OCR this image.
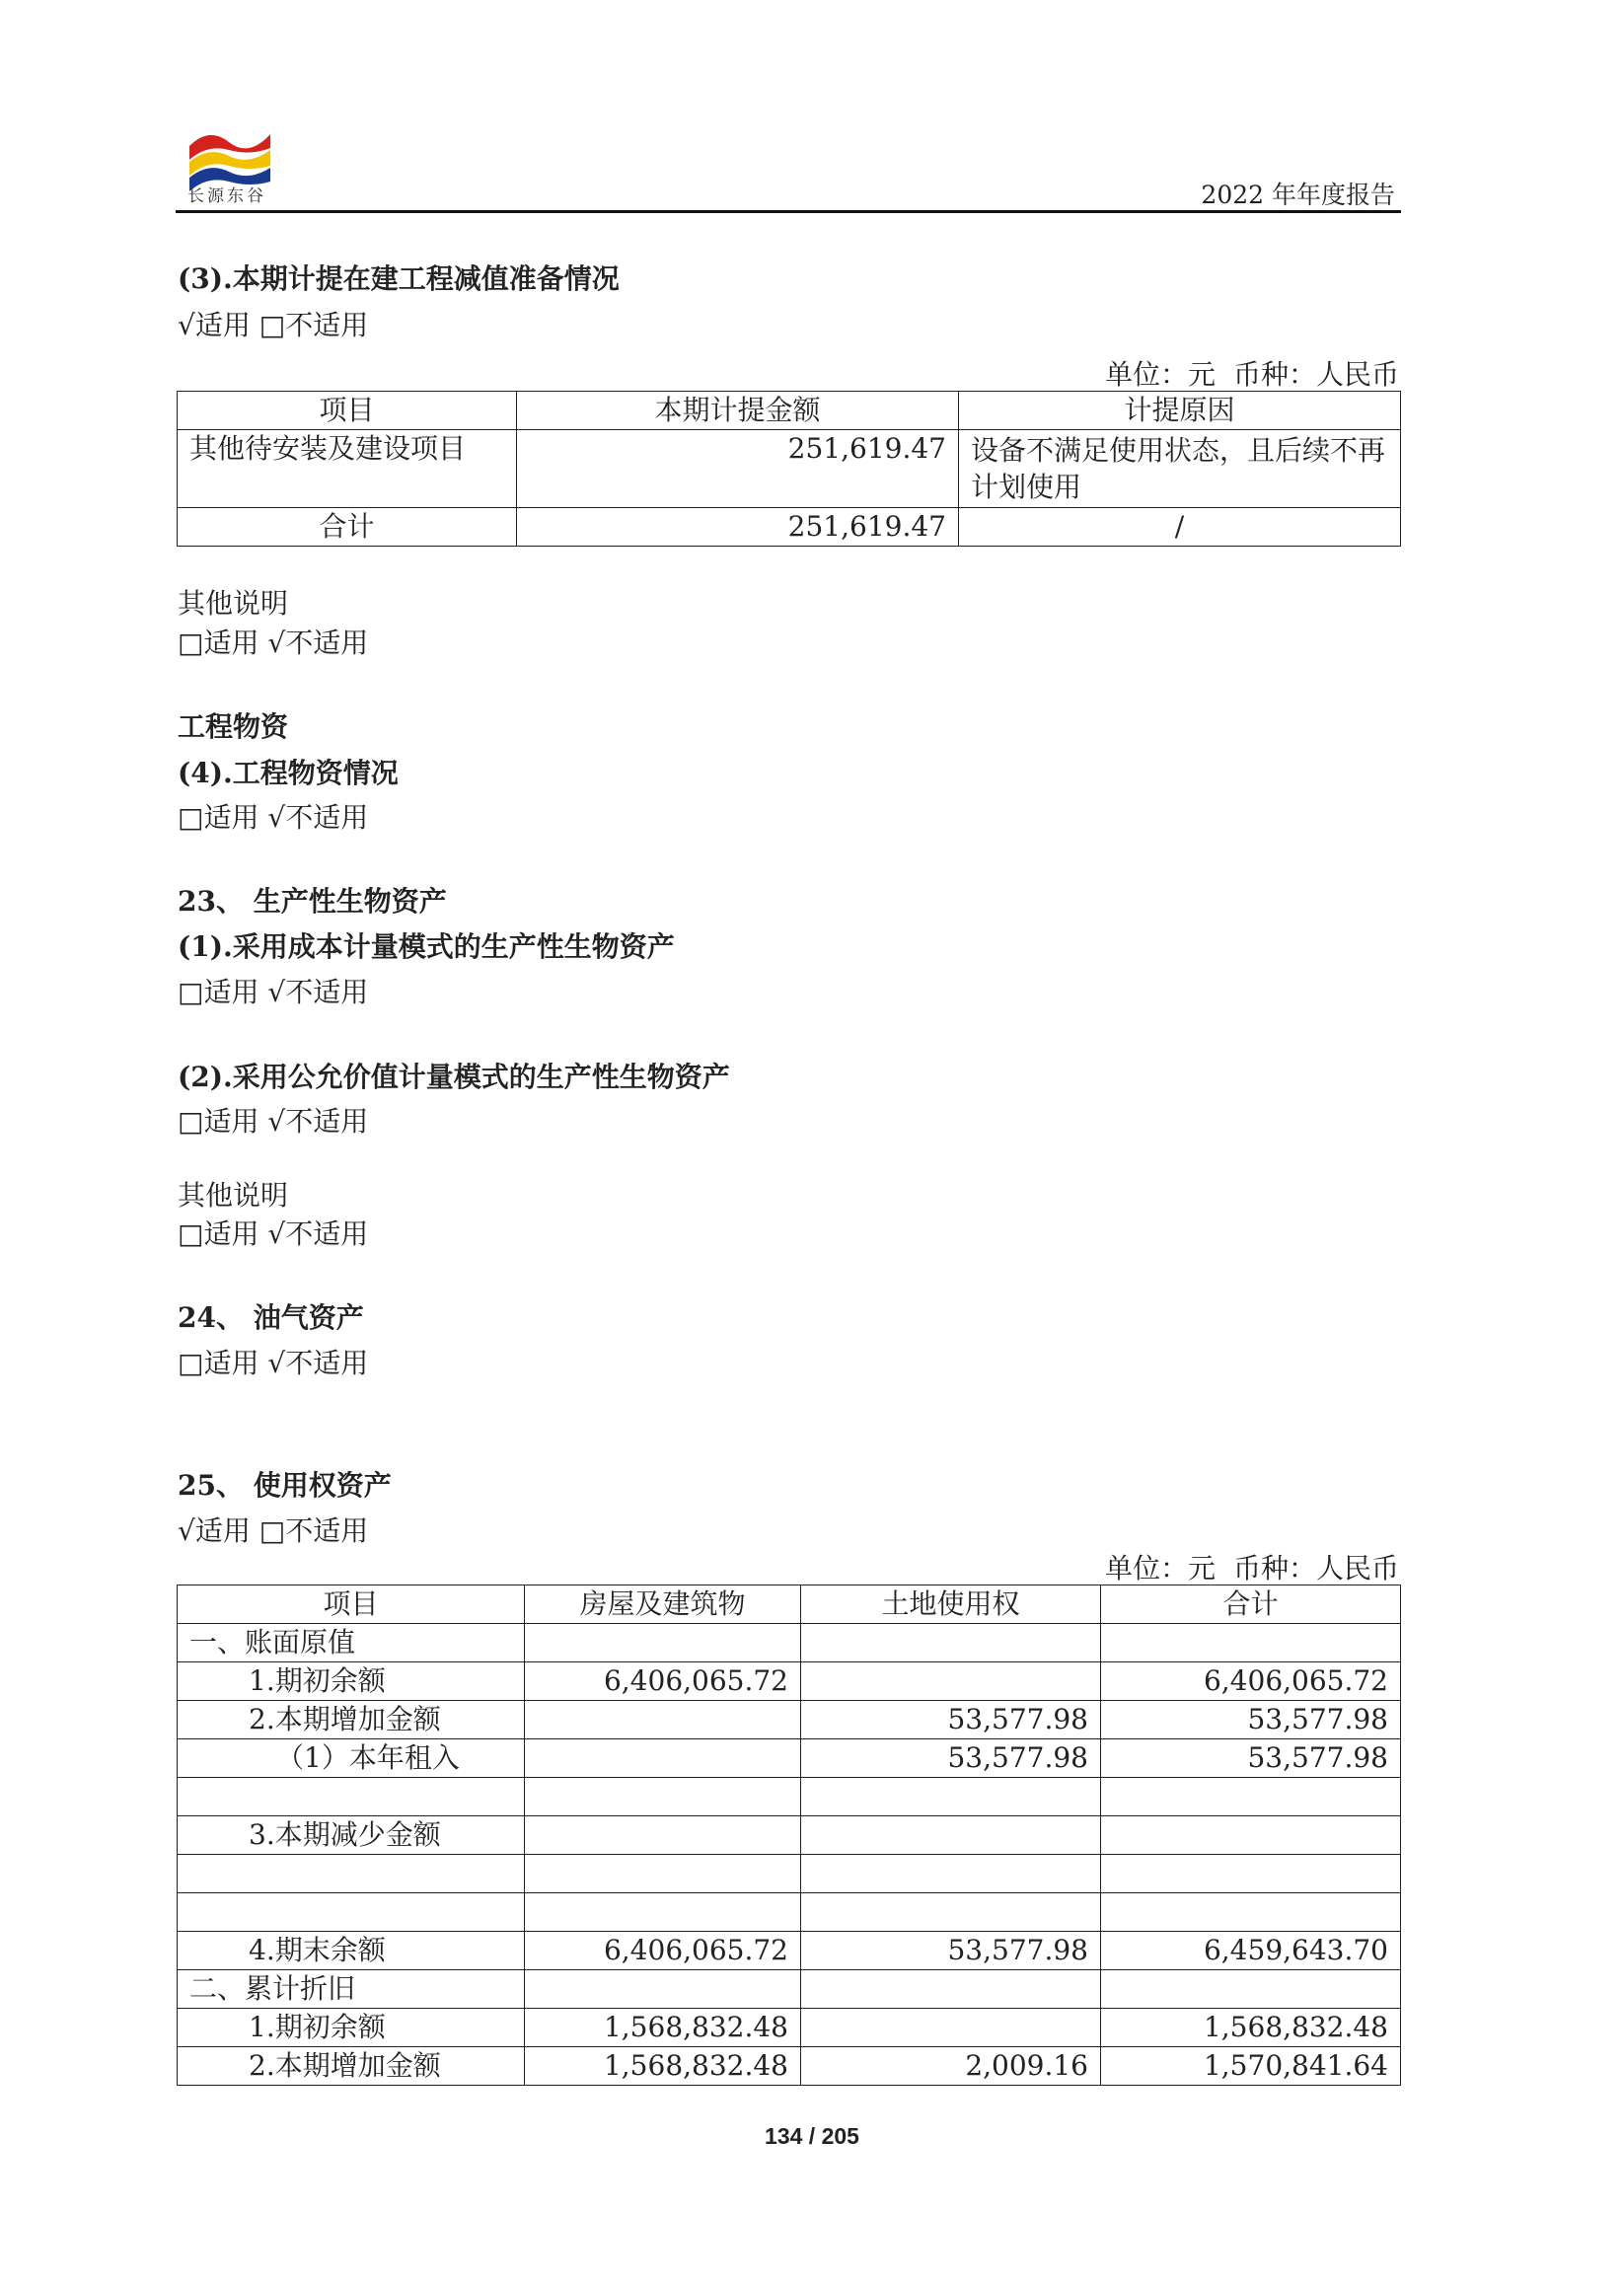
长源东谷	2022 年年度报告
(3).本期计提在建工程减值准备情况
√适用 □不适用
单位：元 币种：人民币
项目	本期计提金额	计提原因
其他待安装及建设项目	251,619.47	设备不满足使用状态，且后续不再计划使用
合计	251,619.47	/
其他说明
□适用 √不适用
工程物资
(4).工程物资情况
□适用 √不适用
23、 生产性生物资产
(1).采用成本计量模式的生产性生物资产
□适用 √不适用
(2).采用公允价值计量模式的生产性生物资产
□适用 √不适用
其他说明
□适用 √不适用
24、 油气资产
□适用 √不适用
25、 使用权资产
√适用 □不适用
单位：元 币种：人民币
项目	房屋及建筑物	土地使用权	合计
一、账面原值			
1.期初余额	6,406,065.72		6,406,065.72
2.本期增加金额		53,577.98	53,577.98
（1）本年租入		53,577.98	53,577.98

3.本期减少金额			

4.期末余额	6,406,065.72	53,577.98	6,459,643.70
二、累计折旧			
1.期初余额	1,568,832.48		1,568,832.48
2.本期增加金额	1,568,832.48	2,009.16	1,570,841.64
134 / 205
